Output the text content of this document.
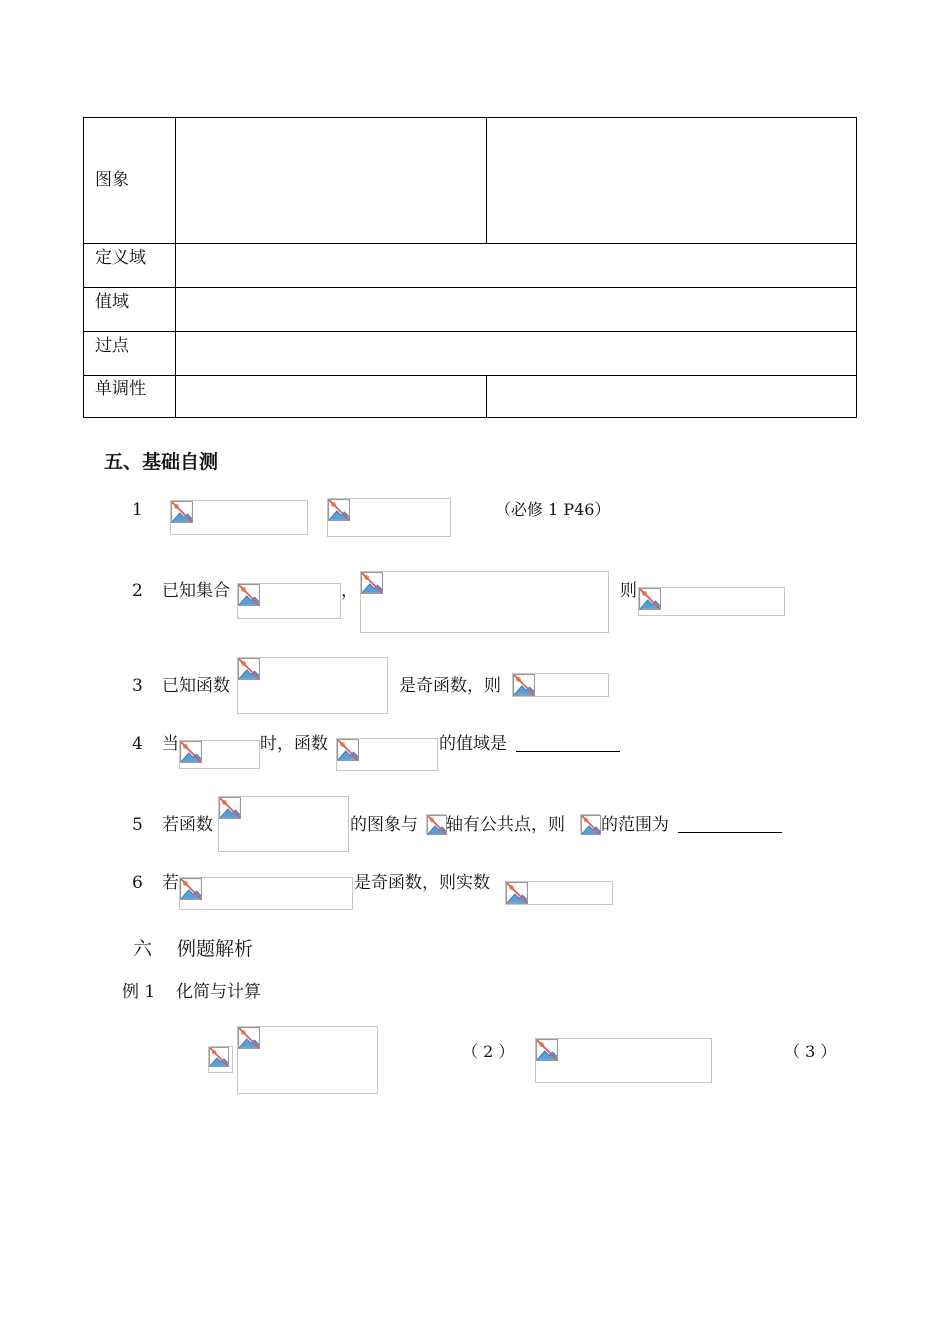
图象
定义域
值域
过点
单调性
五、基础自测
1	（必修 1 P46）
2 已知集合	，	则
3 已知函数	是奇函数，则
4 当	时，函数	的值域是
5 若函数	的图象与 轴有公共点，则 的范围为
6 若	是奇函数，则实数
六 例题解析
例 1 化简与计算
（ 2 ）	（ 3 ）
